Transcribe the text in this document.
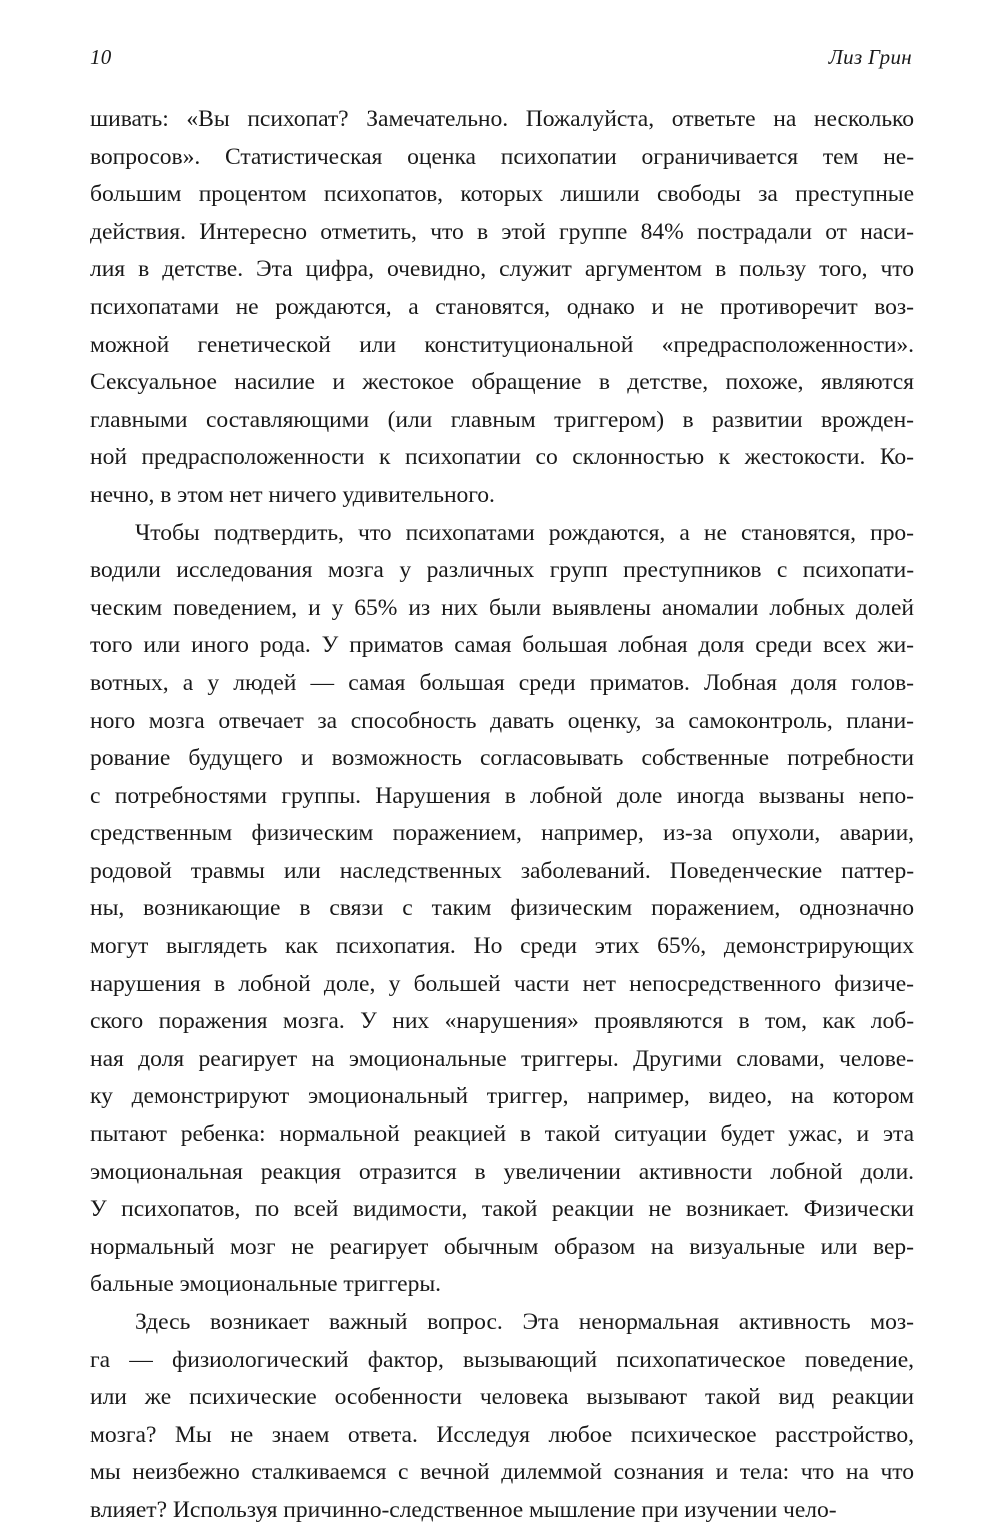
10	Лиз Грин

шивать: «Вы психопат? Замечательно. Пожалуйста, ответьте на несколько
вопросов». Статистическая оценка психопатии ограничивается тем не-
большим процентом психопатов, которых лишили свободы за преступные
действия. Интересно отметить, что в этой группе 84% пострадали от наси-
лия в детстве. Эта цифра, очевидно, служит аргументом в пользу того, что
психопатами не рождаются, а становятся, однако и не противоречит воз-
можной генетической или конституциональной «предрасположенности».
Сексуальное насилие и жестокое обращение в детстве, похоже, являются
главными составляющими (или главным триггером) в развитии врожден-
ной предрасположенности к психопатии со склонностью к жестокости. Ко-
нечно, в этом нет ничего удивительного.

Чтобы подтвердить, что психопатами рождаются, а не становятся, про-
водили исследования мозга у различных групп преступников с психопати-
ческим поведением, и у 65% из них были выявлены аномалии лобных долей
того или иного рода. У приматов самая большая лобная доля среди всех жи-
вотных, а у людей — самая большая среди приматов. Лобная доля голов-
ного мозга отвечает за способность давать оценку, за самоконтроль, плани-
рование будущего и возможность согласовывать собственные потребности
с потребностями группы. Нарушения в лобной доле иногда вызваны непо-
средственным физическим поражением, например, из-за опухоли, аварии,
родовой травмы или наследственных заболеваний. Поведенческие паттер-
ны, возникающие в связи с таким физическим поражением, однозначно
могут выглядеть как психопатия. Но среди этих 65%, демонстрирующих
нарушения в лобной доле, у большей части нет непосредственного физиче-
ского поражения мозга. У них «нарушения» проявляются в том, как лоб-
ная доля реагирует на эмоциональные триггеры. Другими словами, челове-
ку демонстрируют эмоциональный триггер, например, видео, на котором
пытают ребенка: нормальной реакцией в такой ситуации будет ужас, и эта
эмоциональная реакция отразится в увеличении активности лобной доли.
У психопатов, по всей видимости, такой реакции не возникает. Физически
нормальный мозг не реагирует обычным образом на визуальные или вер-
бальные эмоциональные триггеры.

Здесь возникает важный вопрос. Эта ненормальная активность моз-
га — физиологический фактор, вызывающий психопатическое поведение,
или же психические особенности человека вызывают такой вид реакции
мозга? Мы не знаем ответа. Исследуя любое психическое расстройство,
мы неизбежно сталкиваемся с вечной дилеммой сознания и тела: что на что
влияет? Используя причинно-следственное мышление при изучении чело-
